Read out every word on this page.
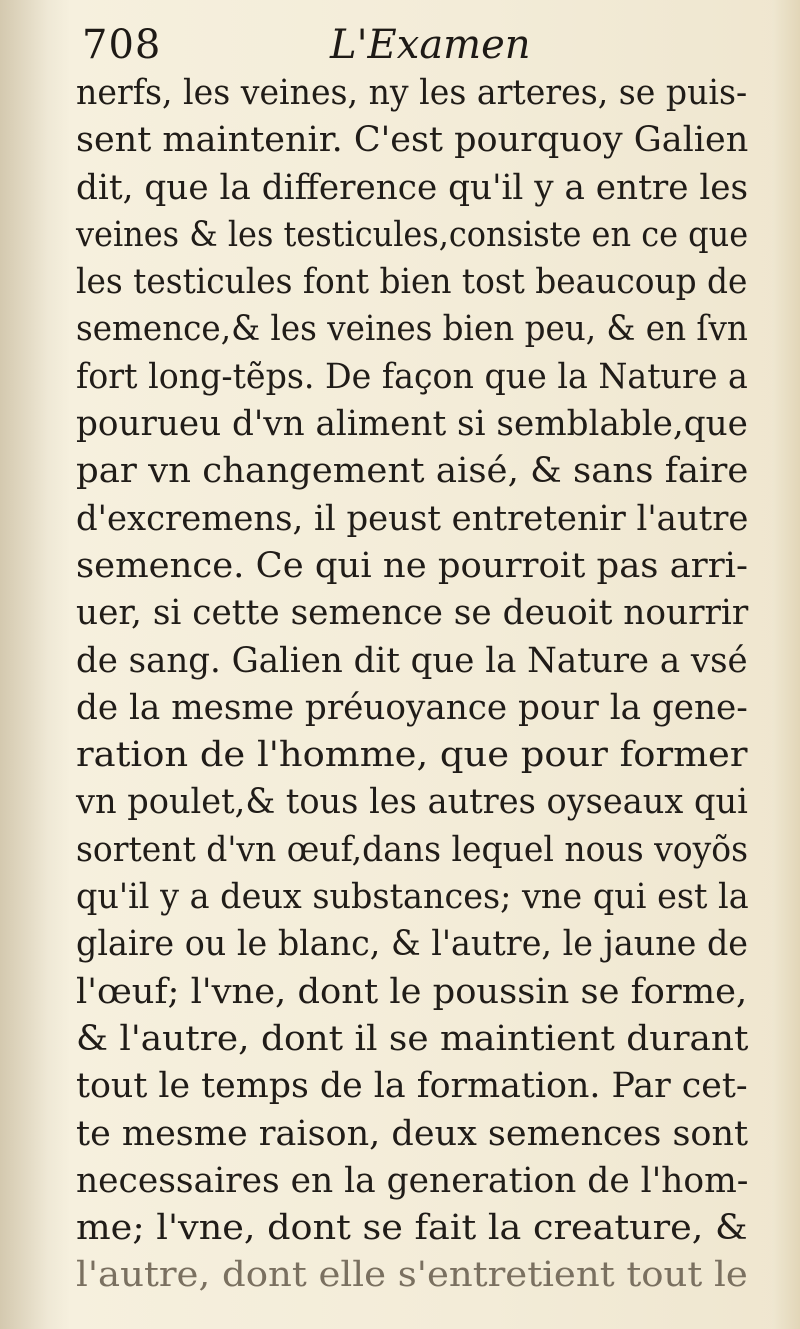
708	L'Examen
nerfs, les veines, ny les arteres, se puis-
sent maintenir. C'est pourquoy Galien
dit, que la difference qu'il y a entre les
veines & les testicules,consiste en ce que
les testicules font bien tost beaucoup de
semence,& les veines bien peu, & en ſvn
fort long-tẽps. De façon que la Nature a
pourueu d'vn aliment si semblable,que
par vn changement aisé, & sans faire
d'excremens, il peust entretenir l'autre
semence. Ce qui ne pourroit pas arri-
uer, si cette semence se deuoit nourrir
de sang. Galien dit que la Nature a vsé
de la mesme préuoyance pour la gene-
ration de l'homme, que pour former
vn poulet,& tous les autres oyseaux qui
sortent d'vn œuf,dans lequel nous voyõs
qu'il y a deux substances; vne qui est la
glaire ou le blanc, & l'autre, le jaune de
l'œuf; l'vne, dont le poussin se forme,
& l'autre, dont il se maintient durant
tout le temps de la formation. Par cet-
te mesme raison, deux semences sont
necessaires en la generation de l'hom-
me; l'vne, dont se fait la creature, &
l'autre, dont elle s'entretient tout le
